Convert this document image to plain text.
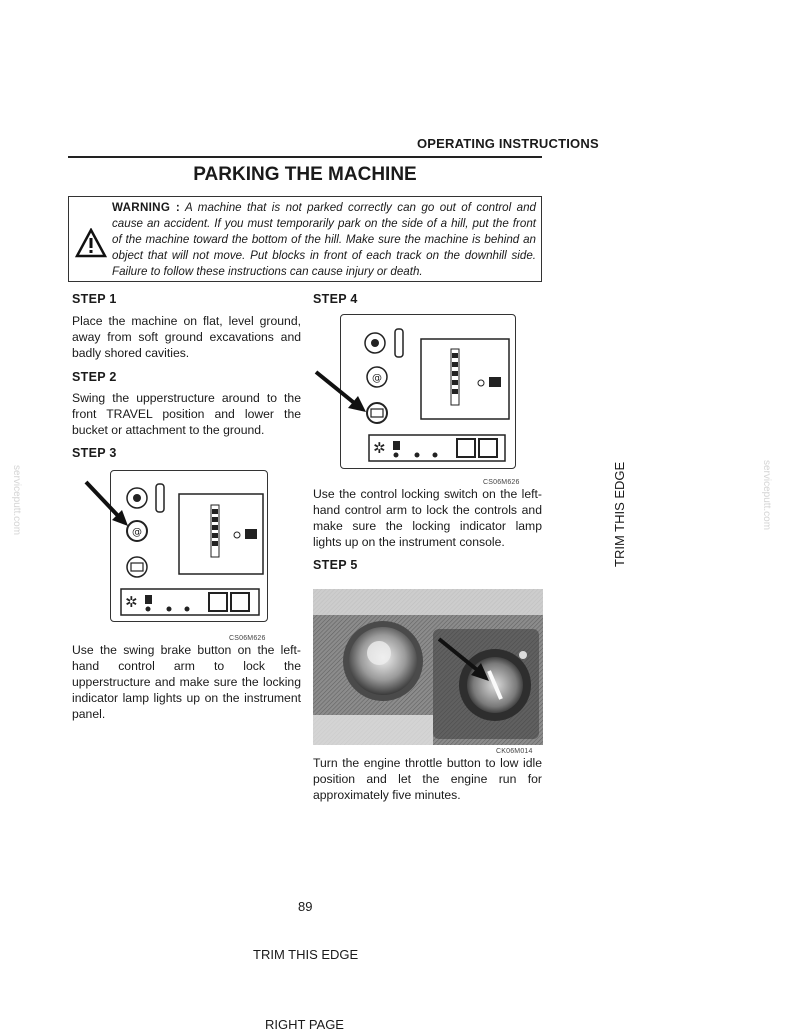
OPERATING INSTRUCTIONS
PARKING THE MACHINE
WARNING : A machine that is not parked correctly can go out of control and cause an accident. If you must temporarily park on the side of a hill, put the front of the machine toward the bottom of the hill. Make sure the machine is behind an object that will not move. Put blocks in front of each track on the downhill side. Failure to follow these instructions can cause injury or death.
STEP 1
Place the machine on flat, level ground, away from soft ground excavations and badly shored cavities.
STEP 2
Swing the upperstructure around to the front TRAVEL position and lower the bucket or attachment to the ground.
STEP 3
@
✲
CS06M626
Use the swing brake button on the left-hand control arm to lock the upperstructure and make sure the locking indicator lamp lights up on the instrument panel.
STEP 4
@
✲
CS06M626
Use the control locking switch on the left-hand control arm to lock the controls and make sure the locking indicator lamp lights up on the instrument console.
STEP 5
CK06M014
Turn the engine throttle button to low idle position and let the engine run for approximately five minutes.
TRIM THIS EDGE
serviceputt.com	serviceputt.com
89
TRIM THIS EDGE
RIGHT PAGE
